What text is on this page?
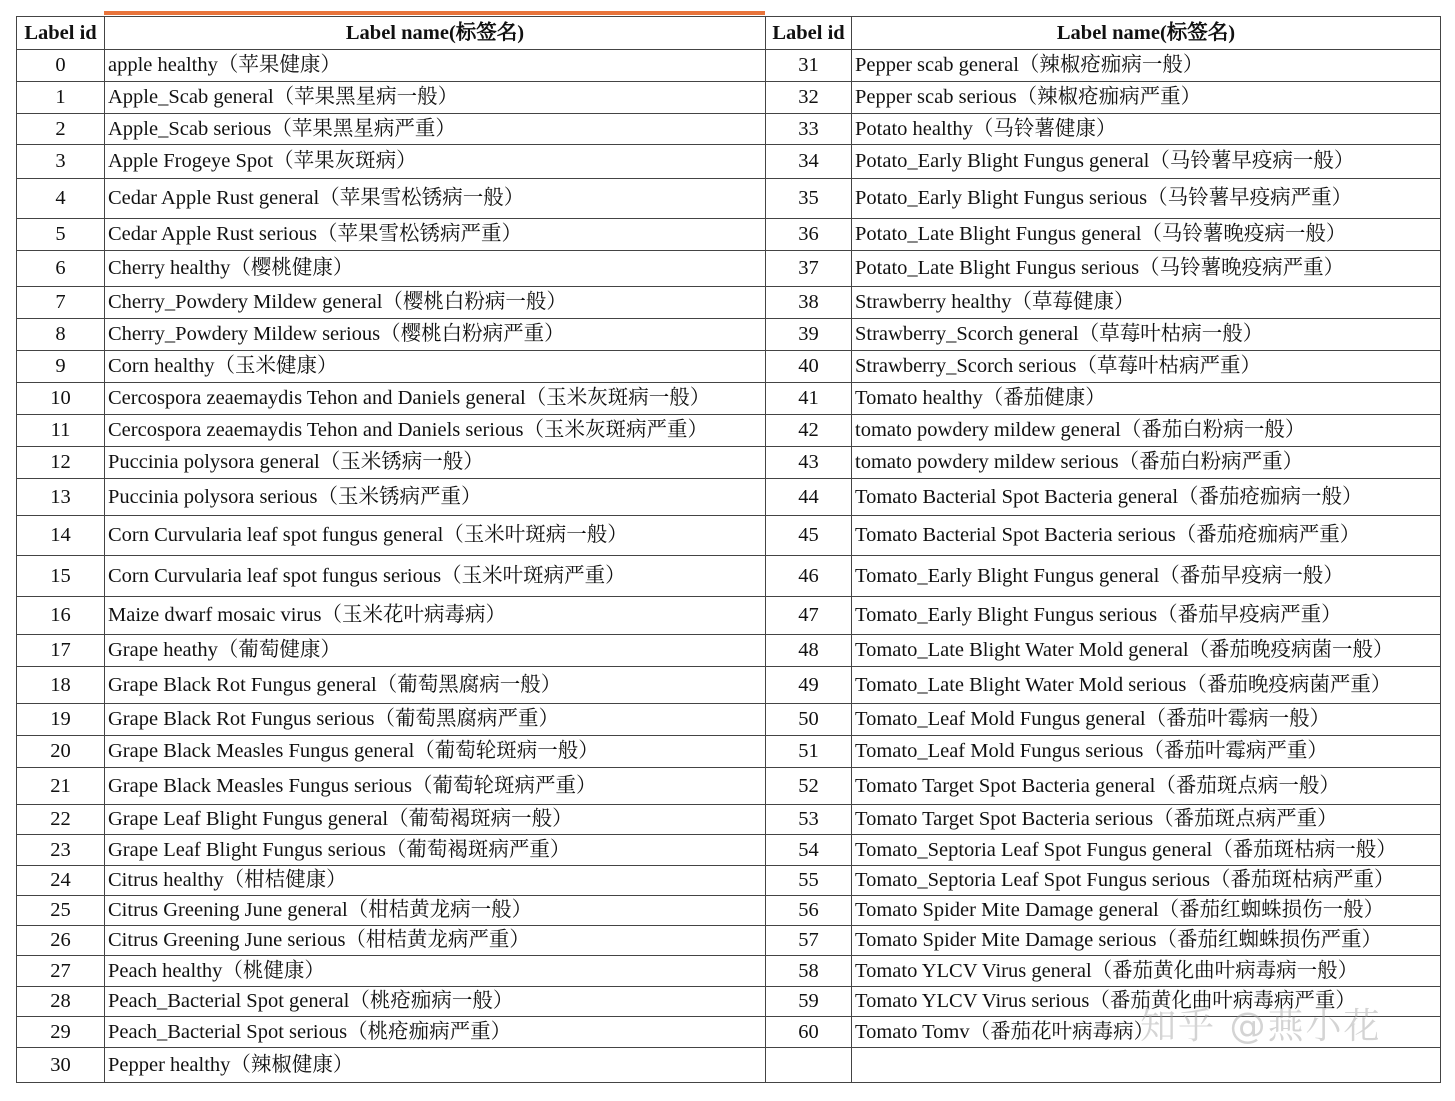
Label id	Label name(标签名)	Label id	Label name(标签名)
0	apple healthy（苹果健康）	31	Pepper scab general（辣椒疮痂病一般）
1	Apple_Scab general（苹果黑星病一般）	32	Pepper scab serious（辣椒疮痂病严重）
2	Apple_Scab serious（苹果黑星病严重）	33	Potato healthy（马铃薯健康）
3	Apple Frogeye Spot（苹果灰斑病）	34	Potato_Early Blight Fungus general（马铃薯早疫病一般）
4	Cedar Apple Rust general（苹果雪松锈病一般）	35	Potato_Early Blight Fungus serious（马铃薯早疫病严重）
5	Cedar Apple Rust serious（苹果雪松锈病严重）	36	Potato_Late Blight Fungus general（马铃薯晚疫病一般）
6	Cherry healthy（樱桃健康）	37	Potato_Late Blight Fungus serious（马铃薯晚疫病严重）
7	Cherry_Powdery Mildew general（樱桃白粉病一般）	38	Strawberry healthy（草莓健康）
8	Cherry_Powdery Mildew serious（樱桃白粉病严重）	39	Strawberry_Scorch general（草莓叶枯病一般）
9	Corn healthy（玉米健康）	40	Strawberry_Scorch serious（草莓叶枯病严重）
10	Cercospora zeaemaydis Tehon and Daniels general（玉米灰斑病一般）	41	Tomato healthy（番茄健康）
11	Cercospora zeaemaydis Tehon and Daniels serious（玉米灰斑病严重）	42	tomato powdery mildew general（番茄白粉病一般）
12	Puccinia polysora general（玉米锈病一般）	43	tomato powdery mildew serious（番茄白粉病严重）
13	Puccinia polysora serious（玉米锈病严重）	44	Tomato Bacterial Spot Bacteria general（番茄疮痂病一般）
14	Corn Curvularia leaf spot fungus general（玉米叶斑病一般）	45	Tomato Bacterial Spot Bacteria serious（番茄疮痂病严重）
15	Corn Curvularia leaf spot fungus serious（玉米叶斑病严重）	46	Tomato_Early Blight Fungus general（番茄早疫病一般）
16	Maize dwarf mosaic virus（玉米花叶病毒病）	47	Tomato_Early Blight Fungus serious（番茄早疫病严重）
17	Grape heathy（葡萄健康）	48	Tomato_Late Blight Water Mold general（番茄晚疫病菌一般）
18	Grape Black Rot Fungus general（葡萄黑腐病一般）	49	Tomato_Late Blight Water Mold serious（番茄晚疫病菌严重）
19	Grape Black Rot Fungus serious（葡萄黑腐病严重）	50	Tomato_Leaf Mold Fungus general（番茄叶霉病一般）
20	Grape Black Measles Fungus general（葡萄轮斑病一般）	51	Tomato_Leaf Mold Fungus serious（番茄叶霉病严重）
21	Grape Black Measles Fungus serious（葡萄轮斑病严重）	52	Tomato Target Spot Bacteria general（番茄斑点病一般）
22	Grape Leaf Blight Fungus general（葡萄褐斑病一般）	53	Tomato Target Spot Bacteria serious（番茄斑点病严重）
23	Grape Leaf Blight Fungus serious（葡萄褐斑病严重）	54	Tomato_Septoria Leaf Spot Fungus general（番茄斑枯病一般）
24	Citrus healthy（柑桔健康）	55	Tomato_Septoria Leaf Spot Fungus serious（番茄斑枯病严重）
25	Citrus Greening June general（柑桔黄龙病一般）	56	Tomato Spider Mite Damage general（番茄红蜘蛛损伤一般）
26	Citrus Greening June serious（柑桔黄龙病严重）	57	Tomato Spider Mite Damage serious（番茄红蜘蛛损伤严重）
27	Peach healthy（桃健康）	58	Tomato YLCV Virus general（番茄黄化曲叶病毒病一般）
28	Peach_Bacterial Spot general（桃疮痂病一般）	59	Tomato YLCV Virus serious（番茄黄化曲叶病毒病严重）
29	Peach_Bacterial Spot serious（桃疮痂病严重）	60	Tomato Tomv（番茄花叶病毒病）
30	Pepper healthy（辣椒健康）		
知乎 @燕小花
